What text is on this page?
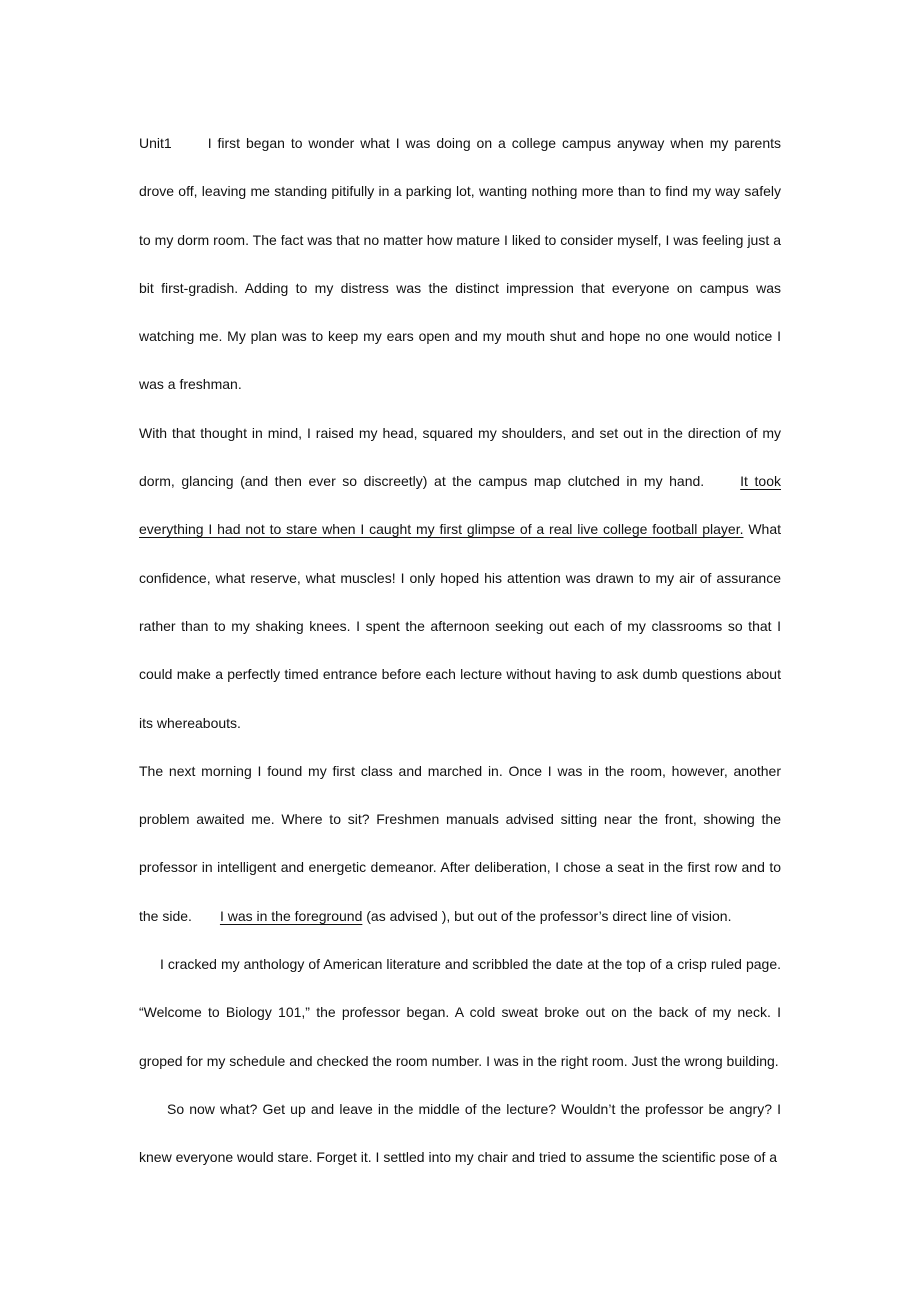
Unit1	I first began to wonder what I was doing on a college campus anyway when my parents drove off, leaving me standing pitifully in a parking lot, wanting nothing more than to find my way safely to my dorm room. The fact was that no matter how mature I liked to consider myself, I was feeling just a bit first-gradish. Adding to my distress was the distinct impression that everyone on campus was watching me. My plan was to keep my ears open and my mouth shut and hope no one would notice I was a freshman.

With that thought in mind, I raised my head, squared my shoulders, and set out in the direction of my dorm, glancing (and then ever so discreetly) at the campus map clutched in my hand.	It took everything I had not to stare when I caught my first glimpse of a real live college football player. What confidence, what reserve, what muscles! I only hoped his attention was drawn to my air of assurance rather than to my shaking knees. I spent the afternoon seeking out each of my classrooms so that I could make a perfectly timed entrance before each lecture without having to ask dumb questions about its whereabouts.

The next morning I found my first class and marched in. Once I was in the room, however, another problem awaited me. Where to sit? Freshmen manuals advised sitting near the front, showing the professor in intelligent and energetic demeanor. After deliberation, I chose a seat in the first row and to the side. I was in the foreground (as advised ), but out of the professor’s direct line of vision.

I cracked my anthology of American literature and scribbled the date at the top of a crisp ruled page. “Welcome to Biology 101,” the professor began. A cold sweat broke out on the back of my neck. I groped for my schedule and checked the room number. I was in the right room. Just the wrong building.

So now what? Get up and leave in the middle of the lecture? Wouldn’t the professor be angry? I knew everyone would stare. Forget it. I settled into my chair and tried to assume the scientific pose of a
